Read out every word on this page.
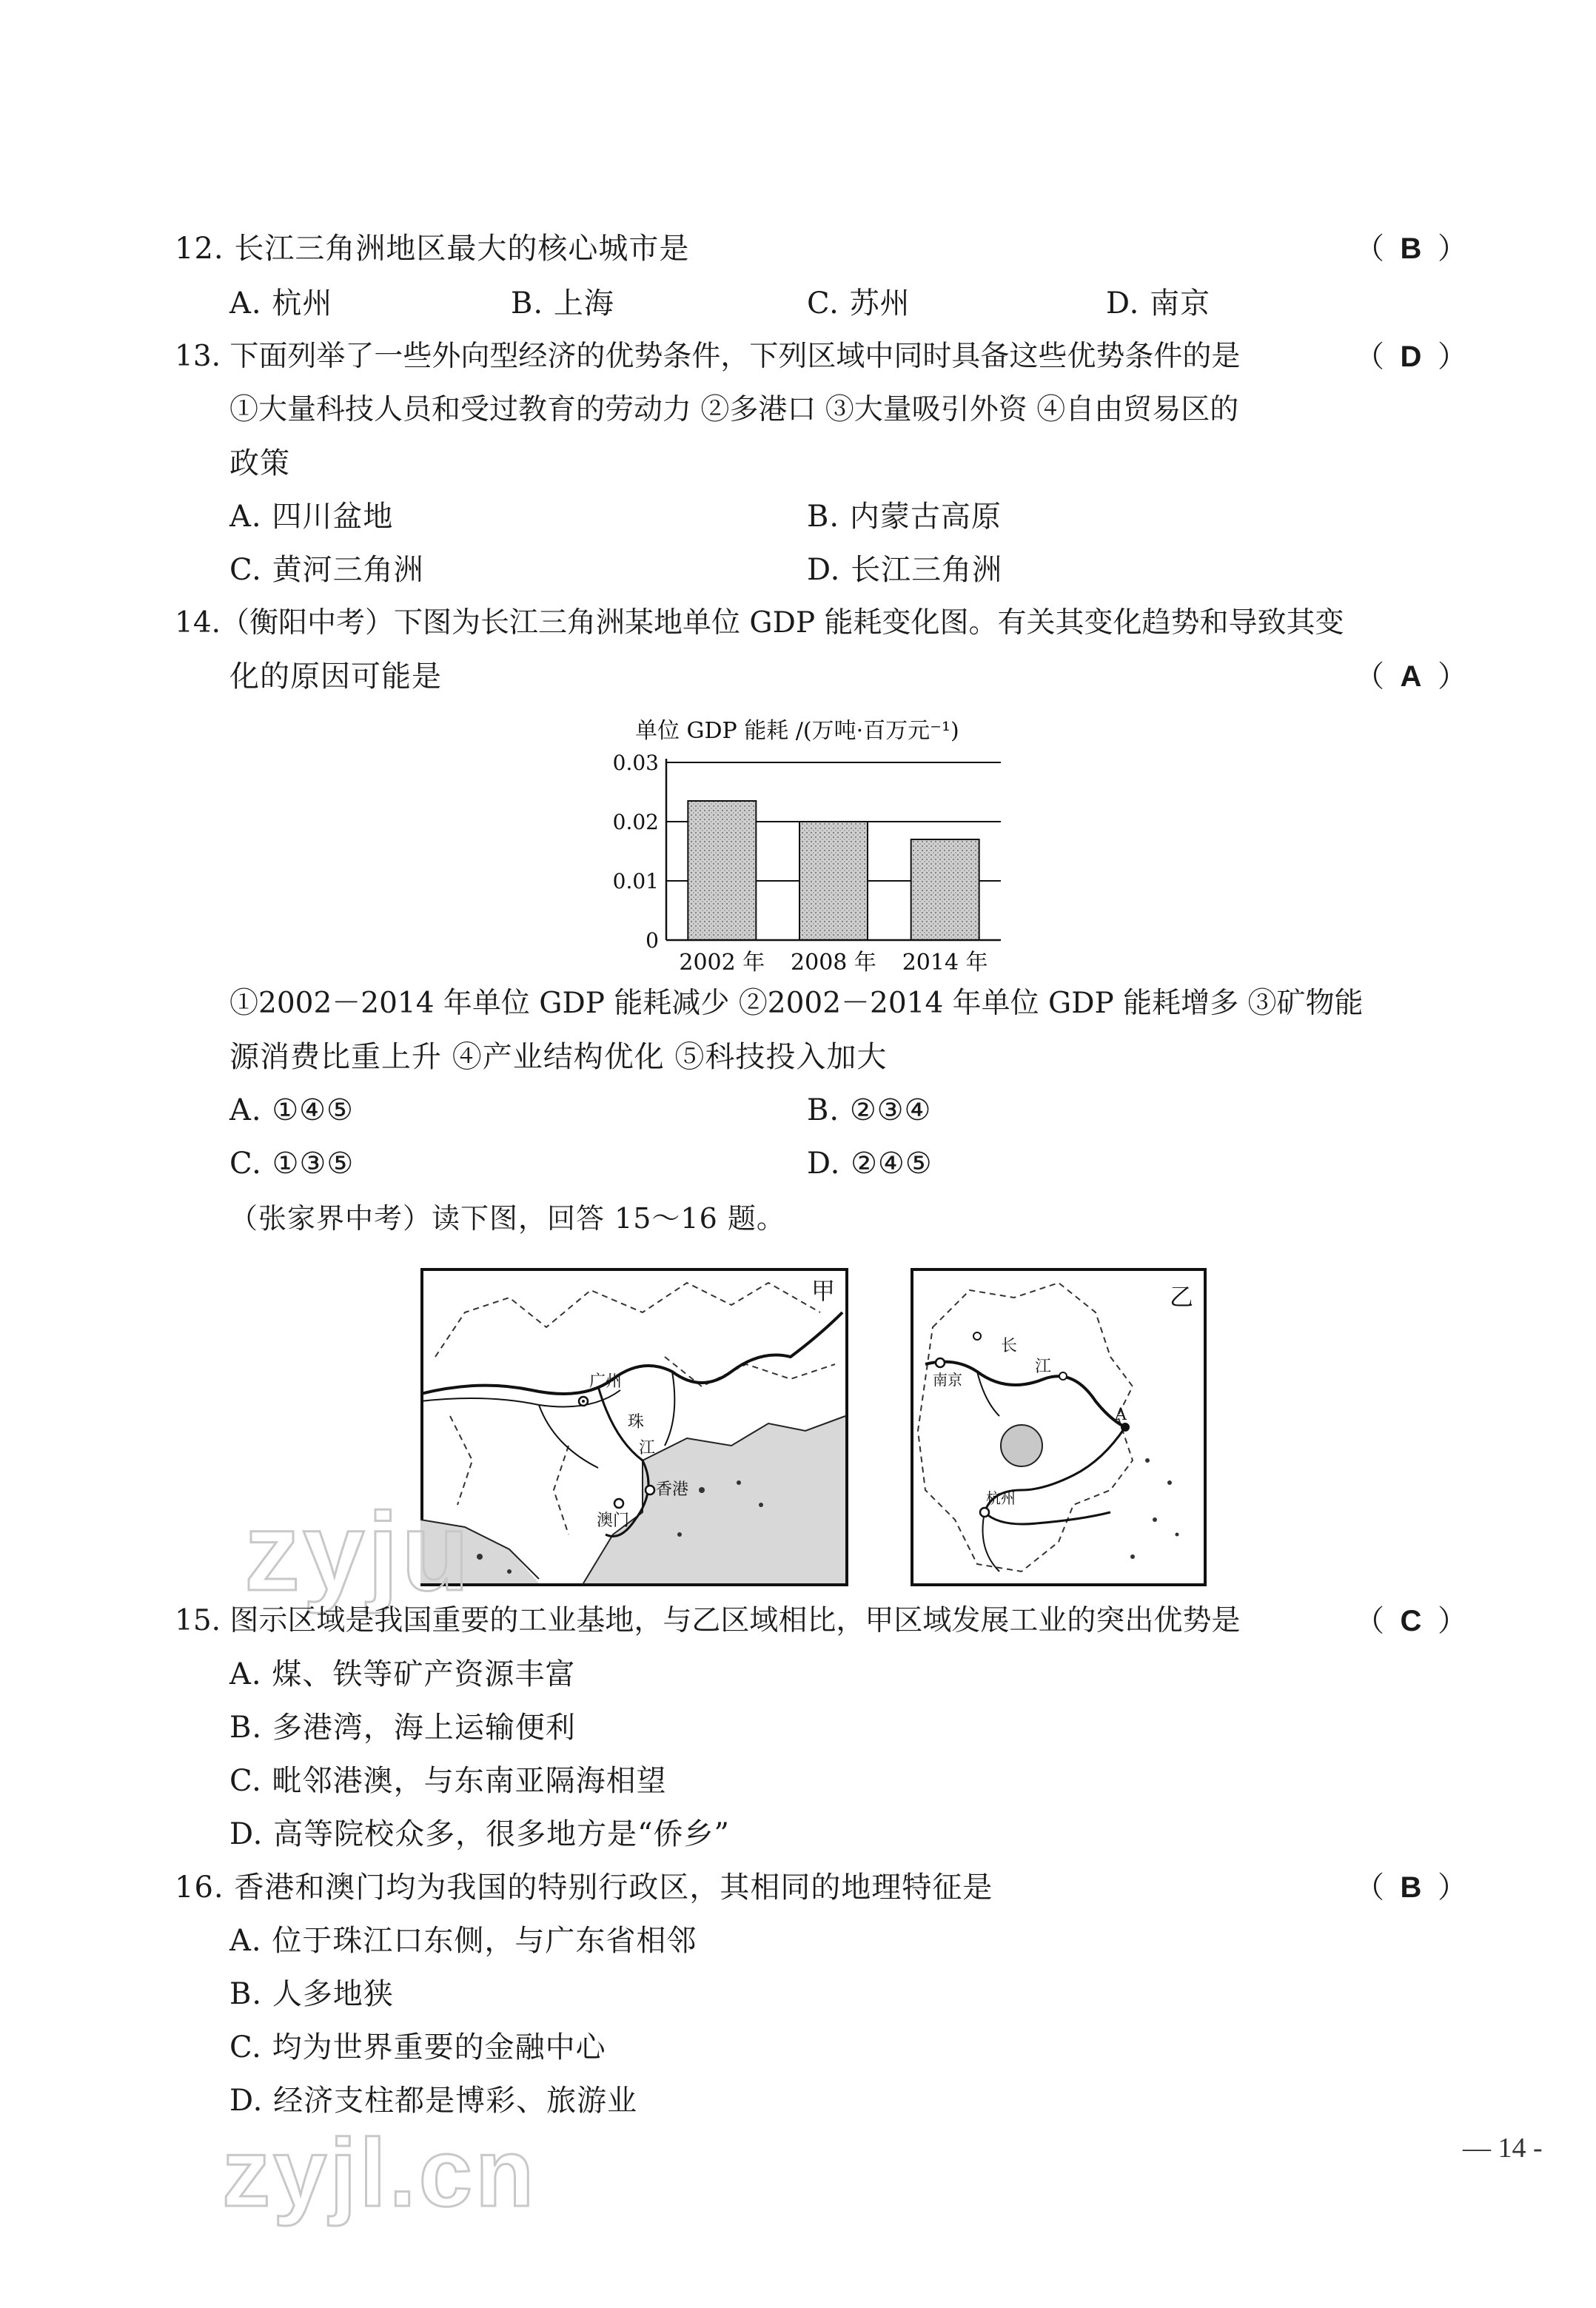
12. 长江三角洲地区最大的核心城市是	（ B ）
A. 杭州	B. 上海	C. 苏州	D. 南京
13. 下面列举了一些外向型经济的优势条件，下列区域中同时具备这些优势条件的是	（ D ）
①大量科技人员和受过教育的劳动力 ②多港口 ③大量吸引外资 ④自由贸易区的
政策
A. 四川盆地	B. 内蒙古高原
C. 黄河三角洲	D. 长江三角洲
14.（衡阳中考）下图为长江三角洲某地单位 GDP 能耗变化图。有关其变化趋势和导致其变
化的原因可能是	（ A ）
单位 GDP 能耗 /(万吨·百万元⁻¹)
0
0.01
0.02
0.03
2002 年 2008 年 2014 年
①2002－2014 年单位 GDP 能耗减少 ②2002－2014 年单位 GDP 能耗增多 ③矿物能
源消费比重上升 ④产业结构优化 ⑤科技投入加大
A. ①④⑤	B. ②③④
C. ①③⑤	D. ②④⑤
（张家界中考）读下图，回答 15～16 题。
甲
广州
珠
江
香港
澳门
乙
长
江
南京
杭州
A
zyju
15. 图示区域是我国重要的工业基地，与乙区域相比，甲区域发展工业的突出优势是	（ C ）
A. 煤、铁等矿产资源丰富
B. 多港湾，海上运输便利
C. 毗邻港澳，与东南亚隔海相望
D. 高等院校众多，很多地方是“侨乡”
16. 香港和澳门均为我国的特别行政区，其相同的地理特征是	（ B ）
A. 位于珠江口东侧，与广东省相邻
B. 人多地狭
C. 均为世界重要的金融中心
D. 经济支柱都是博彩、旅游业
zyjl.cn	— 14 -
